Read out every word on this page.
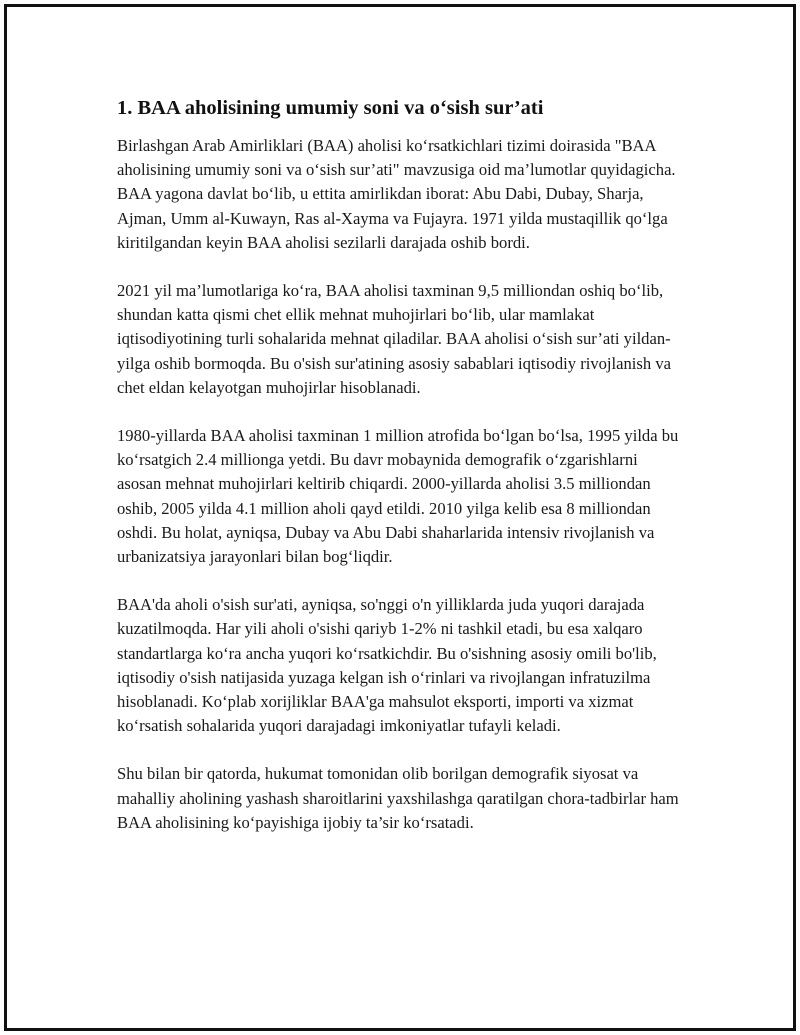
1. BAA aholisining umumiy soni va o‘sish sur’ati

Birlashgan Arab Amirliklari (BAA) aholisi ko‘rsatkichlari tizimi doirasida "BAA aholisining umumiy soni va o‘sish sur’ati" mavzusiga oid ma’lumotlar quyidagicha. BAA yagona davlat bo‘lib, u ettita amirlikdan iborat: Abu Dabi, Dubay, Sharja, Ajman, Umm al-Kuwayn, Ras al-Xayma va Fujayra. 1971 yilda mustaqillik qo‘lga kiritilgandan keyin BAA aholisi sezilarli darajada oshib bordi.

2021 yil ma’lumotlariga ko‘ra, BAA aholisi taxminan 9,5 milliondan oshiq bo‘lib, shundan katta qismi chet ellik mehnat muhojirlari bo‘lib, ular mamlakat iqtisodiyotining turli sohalarida mehnat qiladilar. BAA aholisi o‘sish sur’ati yildan-yilga oshib bormoqda. Bu o'sish sur'atining asosiy sabablari iqtisodiy rivojlanish va chet eldan kelayotgan muhojirlar hisoblanadi.

1980-yillarda BAA aholisi taxminan 1 million atrofida bo‘lgan bo‘lsa, 1995 yilda bu ko‘rsatgich 2.4 millionga yetdi. Bu davr mobaynida demografik o‘zgarishlarni asosan mehnat muhojirlari keltirib chiqardi. 2000-yillarda aholisi 3.5 milliondan oshib, 2005 yilda 4.1 million aholi qayd etildi. 2010 yilga kelib esa 8 milliondan oshdi. Bu holat, ayniqsa, Dubay va Abu Dabi shaharlarida intensiv rivojlanish va urbanizatsiya jarayonlari bilan bog‘liqdir.

BAA'da aholi o'sish sur'ati, ayniqsa, so'nggi o'n yilliklarda juda yuqori darajada kuzatilmoqda. Har yili aholi o'sishi qariyb 1-2% ni tashkil etadi, bu esa xalqaro standartlarga ko‘ra ancha yuqori ko‘rsatkichdir. Bu o'sishning asosiy omili bo'lib, iqtisodiy o'sish natijasida yuzaga kelgan ish o‘rinlari va rivojlangan infratuzilma hisoblanadi. Ko‘plab xorijliklar BAA'ga mahsulot eksporti, importi va xizmat ko‘rsatish sohalarida yuqori darajadagi imkoniyatlar tufayli keladi.

Shu bilan bir qatorda, hukumat tomonidan olib borilgan demografik siyosat va mahalliy aholining yashash sharoitlarini yaxshilashga qaratilgan chora-tadbirlar ham BAA aholisining ko‘payishiga ijobiy ta’sir ko‘rsatadi.
